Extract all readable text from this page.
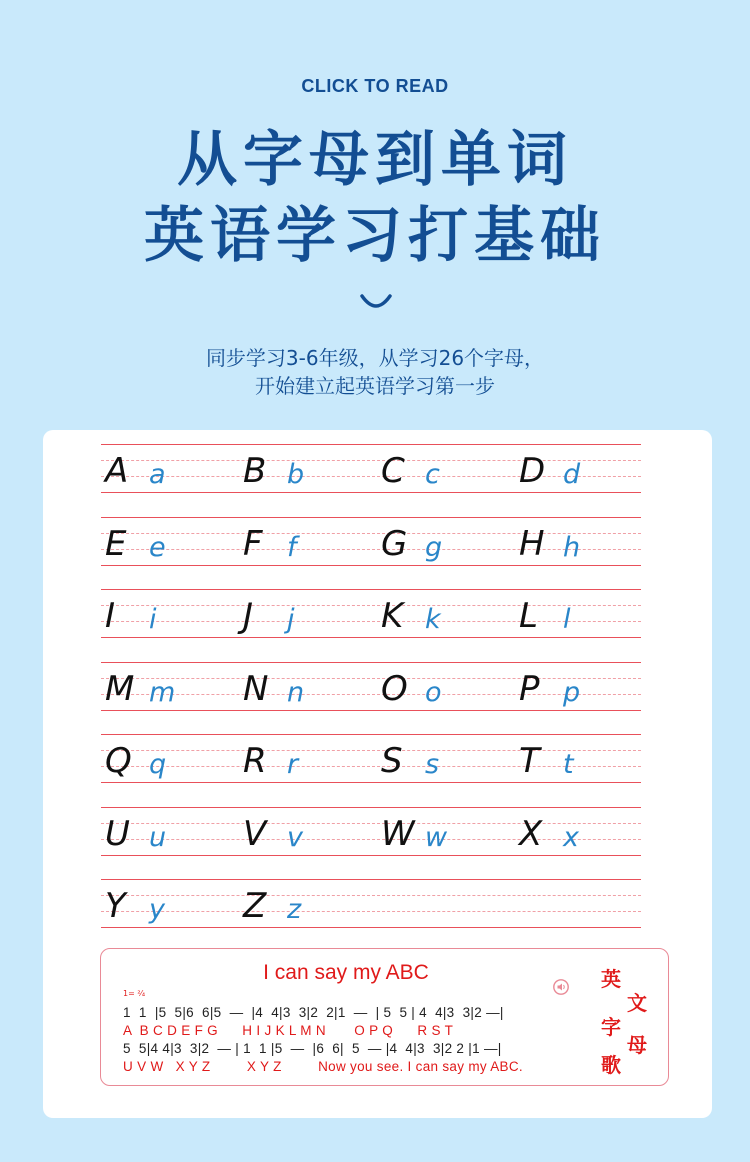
CLICK TO READ
从字母到单词
英语学习打基础
同步学习3-6年级，从学习26个字母，
开始建立起英语学习第一步
A a B b C c D d
E e F f G g H h
I i	J j	K k L l
M m N n O o P p
Q q R r S s T t
U u V v W w X x
Y y Z z
I can say my ABC
1= ²⁄₄
1  1  |5  5|6  6|5  —  |4  4|3  3|2  2|1  —  | 5  5 | 4  4|3  3|2 —|
A  B C D E F G      H I J K L M N       O P Q      R S T
5  5|4 4|3  3|2  — | 1  1 |5  —  |6  6|  5  — |4  4|3  3|2 2 |1 —|
U V W   X Y Z         X Y Z         Now you see. I can say my ABC.
英
文
字
母
歌
